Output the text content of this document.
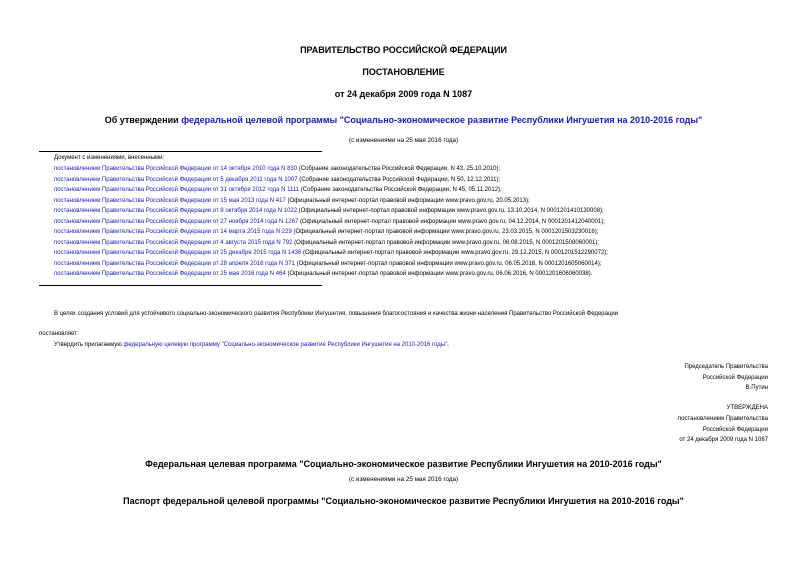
ПРАВИТЕЛЬСТВО РОССИЙСКОЙ ФЕДЕРАЦИИ
ПОСТАНОВЛЕНИЕ
от 24 декабря 2009 года N 1087
Об утверждении федеральной целевой программы "Социально-экономическое развитие Республики Ингушетия на 2010-2016 годы"
(с изменениями на 25 мая 2016 года)
Документ с изменениями, внесенными:
постановлением Правительства Российской Федерации от 14 октября 2010 года N 830 (Собрание законодательства Российской Федерации, N 43, 25.10.2010);
постановлением Правительства Российской Федерации от 5 декабря 2011 года N 1007 (Собрание законодательства Российской Федерации, N 50, 12.12.2011);
постановлением Правительства Российской Федерации от 31 октября 2012 года N 1111 (Собрание законодательства Российской Федерации, N 45, 05.11.2012);
постановлением Правительства Российской Федерации от 15 мая 2013 года N 417 (Официальный интернет-портал правовой информации www.pravo.gov.ru, 20.05.2013);
постановлением Правительства Российской Федерации от 8 октября 2014 года N 1022 (Официальный интернет-портал правовой информации www.pravo.gov.ru, 13.10.2014, N 0001201410130008);
постановлением Правительства Российской Федерации от 27 ноября 2014 года N 1267 (Официальный интернет-портал правовой информации www.pravo.gov.ru, 04.12.2014, N 0001201412040001);
постановлением Правительства Российской Федерации от 14 марта 2015 года N 229 (Официальный интернет-портал правовой информации www.pravo.gov.ru, 23.03.2015, N 0001201503230016);
постановлением Правительства Российской Федерации от 4 августа 2015 года N 792 (Официальный интернет-портал правовой информации www.pravo.gov.ru, 06.08.2015, N 0001201508060001);
постановлением Правительства Российской Федерации от 25 декабря 2015 года N 1436 (Официальный интернет-портал правовой информации www.pravo.gov.ru, 29.12.2015, N 0001201512290072);
постановлением Правительства Российской Федерации от 28 апреля 2016 года N 371 (Официальный интернет-портал правовой информации www.pravo.gov.ru, 06.05.2016, N 0001201605060014);
постановлением Правительства Российской Федерации от 25 мая 2016 года N 464 (Официальный интернет-портал правовой информации www.pravo.gov.ru, 06.06.2016, N 0001201606060038).
В целях создания условий для устойчивого социально-экономического развития Республики Ингушетия, повышения благосостояния и качества жизни населения Правительство Российской Федерации
постановляет:
Утвердить прилагаемую федеральную целевую программу "Социально-экономическое развитие Республики Ингушетия на 2010-2016 годы".
Председатель Правительства
Российской Федерации
В.Путин
УТВЕРЖДЕНА
постановлением Правительства
Российской Федерации
от 24 декабря 2009 года N 1087
Федеральная целевая программа "Социально-экономическое развитие Республики Ингушетия на 2010-2016 годы"
(с изменениями на 25 мая 2016 года)
Паспорт федеральной целевой программы "Социально-экономическое развитие Республики Ингушетия на 2010-2016 годы"
